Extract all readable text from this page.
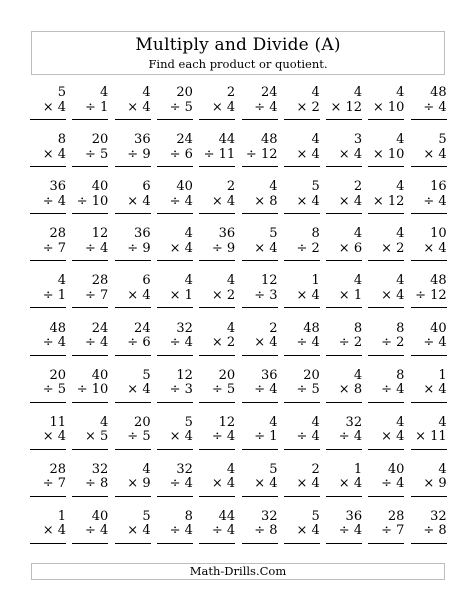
Multiply and Divide (A)
Find each product or quotient.
5
× 4
4
÷ 1
4
× 4
20
÷ 5
2
× 4
24
÷ 4
4
× 2
4
× 12
4
× 10
48
÷ 4
8
× 4
20
÷ 5
36
÷ 9
24
÷ 6
44
÷ 11
48
÷ 12
4
× 4
3
× 4
4
× 10
5
× 4
36
÷ 4
40
÷ 10
6
× 4
40
÷ 4
2
× 4
4
× 8
5
× 4
2
× 4
4
× 12
16
÷ 4
28
÷ 7
12
÷ 4
36
÷ 9
4
× 4
36
÷ 9
5
× 4
8
÷ 2
4
× 6
4
× 2
10
× 4
4
÷ 1
28
÷ 7
6
× 4
4
× 1
4
× 2
12
÷ 3
1
× 4
4
× 1
4
× 4
48
÷ 12
48
÷ 4
24
÷ 4
24
÷ 6
32
÷ 4
4
× 2
2
× 4
48
÷ 4
8
÷ 2
8
÷ 2
40
÷ 4
20
÷ 5
40
÷ 10
5
× 4
12
÷ 3
20
÷ 5
36
÷ 4
20
÷ 5
4
× 8
8
÷ 4
1
× 4
11
× 4
4
× 5
20
÷ 5
5
× 4
12
÷ 4
4
÷ 1
4
÷ 4
32
÷ 4
4
× 4
4
× 11
28
÷ 7
32
÷ 8
4
× 9
32
÷ 4
4
× 4
5
× 4
2
× 4
1
× 4
40
÷ 4
4
× 9
1
× 4
40
÷ 4
5
× 4
8
÷ 4
44
÷ 4
32
÷ 8
5
× 4
36
÷ 4
28
÷ 7
32
÷ 8
Math-Drills.Com
